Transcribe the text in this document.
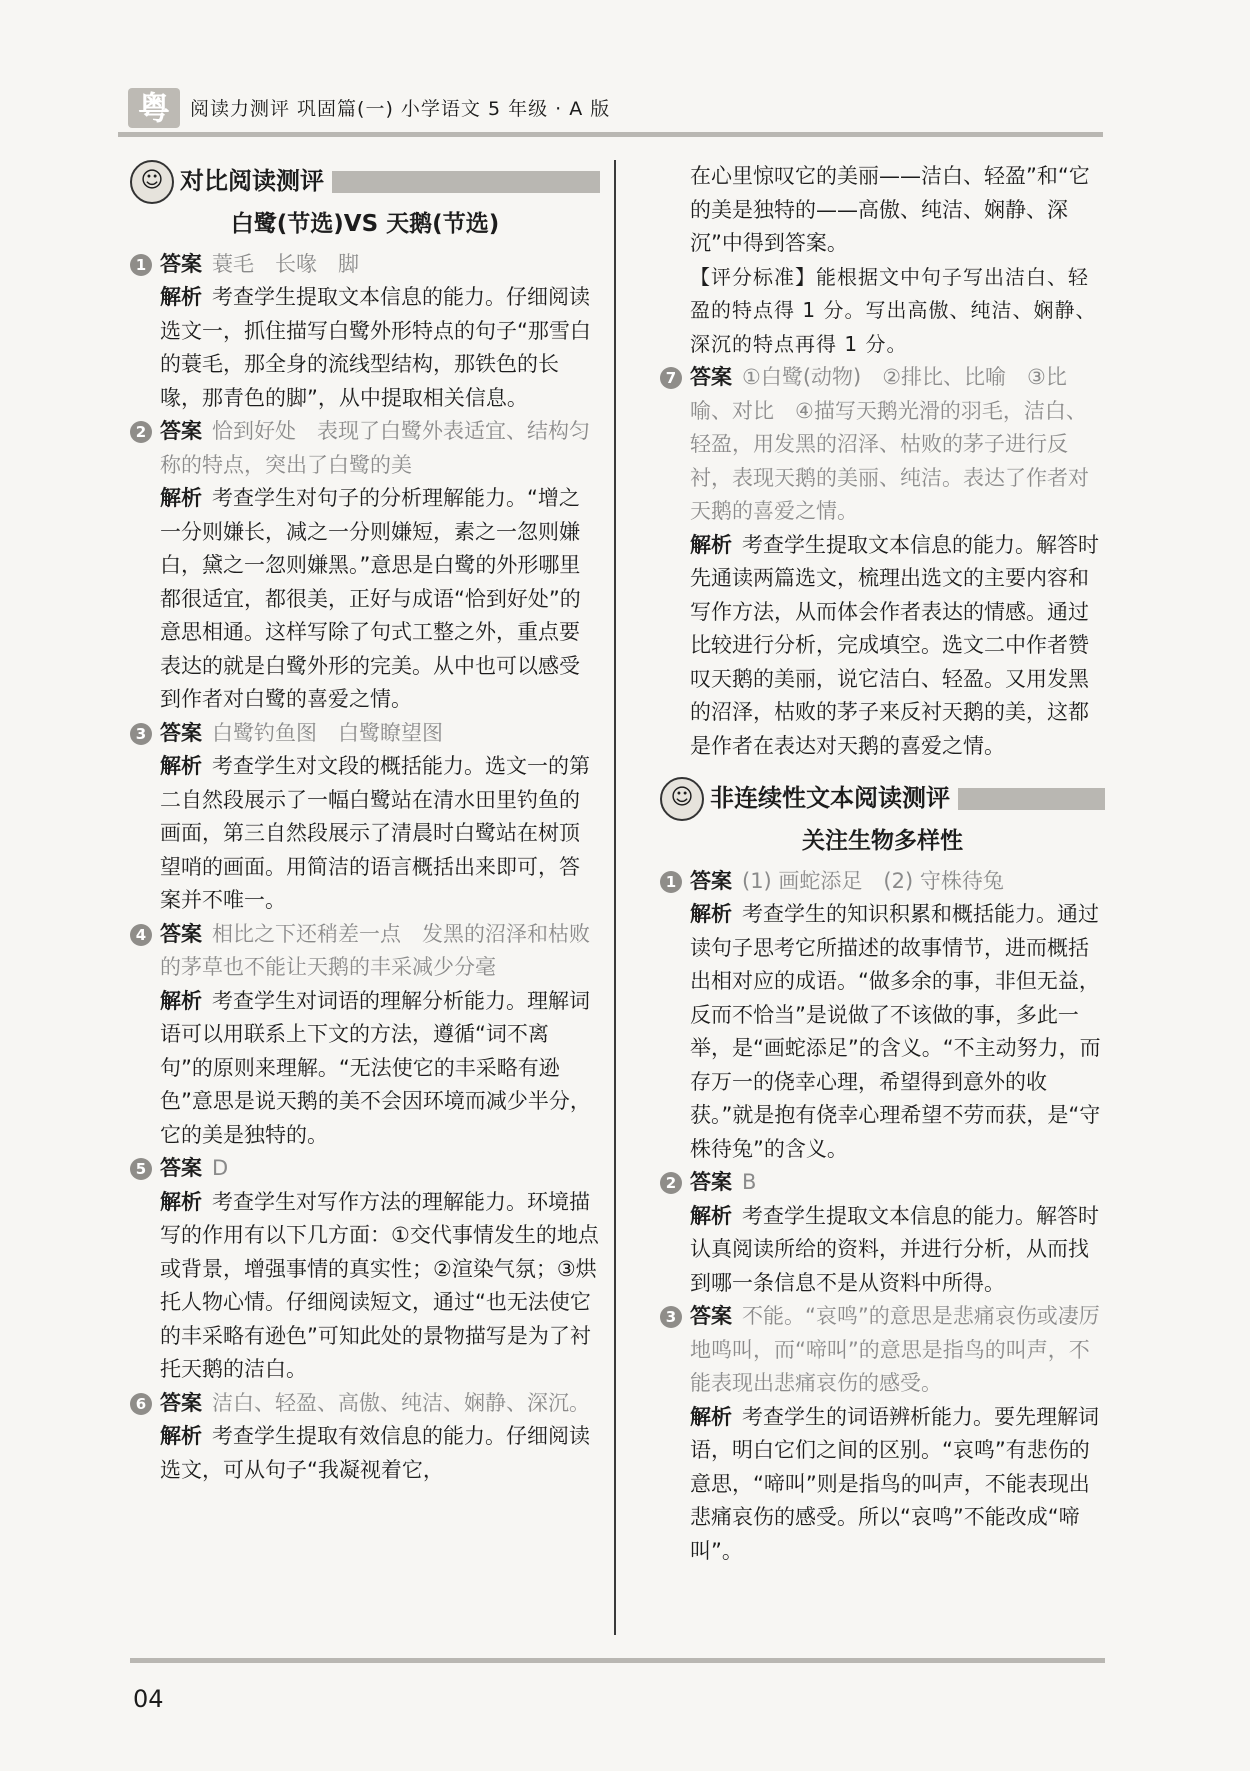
粤	阅读力测评 巩固篇(一) 小学语文 5 年级 · A 版
☺ 对比阅读测评
白鹭(节选)VS 天鹅(节选)
1 答案 蓑毛　长喙　脚
解析 考查学生提取文本信息的能力。仔细阅读选文一，抓住描写白鹭外形特点的句子“那雪白的蓑毛，那全身的流线型结构，那铁色的长喙，那青色的脚”，从中提取相关信息。
2 答案 恰到好处　表现了白鹭外表适宜、结构匀称的特点，突出了白鹭的美
解析 考查学生对句子的分析理解能力。“增之一分则嫌长，减之一分则嫌短，素之一忽则嫌白，黛之一忽则嫌黑。”意思是白鹭的外形哪里都很适宜，都很美，正好与成语“恰到好处”的意思相通。这样写除了句式工整之外，重点要表达的就是白鹭外形的完美。从中也可以感受到作者对白鹭的喜爱之情。
3 答案 白鹭钓鱼图　白鹭瞭望图
解析 考查学生对文段的概括能力。选文一的第二自然段展示了一幅白鹭站在清水田里钓鱼的画面，第三自然段展示了清晨时白鹭站在树顶望哨的画面。用简洁的语言概括出来即可，答案并不唯一。
4 答案 相比之下还稍差一点　发黑的沼泽和枯败的茅草也不能让天鹅的丰采减少分毫
解析 考查学生对词语的理解分析能力。理解词语可以用联系上下文的方法，遵循“词不离句”的原则来理解。“无法使它的丰采略有逊色”意思是说天鹅的美不会因环境而减少半分，它的美是独特的。
5 答案 D
解析 考查学生对写作方法的理解能力。环境描写的作用有以下几方面：①交代事情发生的地点或背景，增强事情的真实性；②渲染气氛；③烘托人物心情。仔细阅读短文，通过“也无法使它的丰采略有逊色”可知此处的景物描写是为了衬托天鹅的洁白。
6 答案 洁白、轻盈、高傲、纯洁、娴静、深沉。
解析 考查学生提取有效信息的能力。仔细阅读选文，可从句子“我凝视着它，
在心里惊叹它的美丽——洁白、轻盈”和“它的美是独特的——高傲、纯洁、娴静、深沉”中得到答案。
【评分标准】能根据文中句子写出洁白、轻盈的特点得 1 分。写出高傲、纯洁、娴静、深沉的特点再得 1 分。
7 答案 ①白鹭(动物)　②排比、比喻　③比喻、对比　④描写天鹅光滑的羽毛，洁白、轻盈，用发黑的沼泽、枯败的茅子进行反衬，表现天鹅的美丽、纯洁。表达了作者对天鹅的喜爱之情。
解析 考查学生提取文本信息的能力。解答时先通读两篇选文，梳理出选文的主要内容和写作方法，从而体会作者表达的情感。通过比较进行分析，完成填空。选文二中作者赞叹天鹅的美丽，说它洁白、轻盈。又用发黑的沼泽，枯败的茅子来反衬天鹅的美，这都是作者在表达对天鹅的喜爱之情。
☺ 非连续性文本阅读测评
关注生物多样性
1 答案 (1) 画蛇添足　(2) 守株待兔
解析 考查学生的知识积累和概括能力。通过读句子思考它所描述的故事情节，进而概括出相对应的成语。“做多余的事，非但无益，反而不恰当”是说做了不该做的事，多此一举，是“画蛇添足”的含义。“不主动努力，而存万一的侥幸心理，希望得到意外的收获。”就是抱有侥幸心理希望不劳而获，是“守株待兔”的含义。
2 答案 B
解析 考查学生提取文本信息的能力。解答时认真阅读所给的资料，并进行分析，从而找到哪一条信息不是从资料中所得。
3 答案 不能。“哀鸣”的意思是悲痛哀伤或凄厉地鸣叫，而“啼叫”的意思是指鸟的叫声，不能表现出悲痛哀伤的感受。
解析 考查学生的词语辨析能力。要先理解词语，明白它们之间的区别。“哀鸣”有悲伤的意思，“啼叫”则是指鸟的叫声，不能表现出悲痛哀伤的感受。所以“哀鸣”不能改成“啼叫”。
04
